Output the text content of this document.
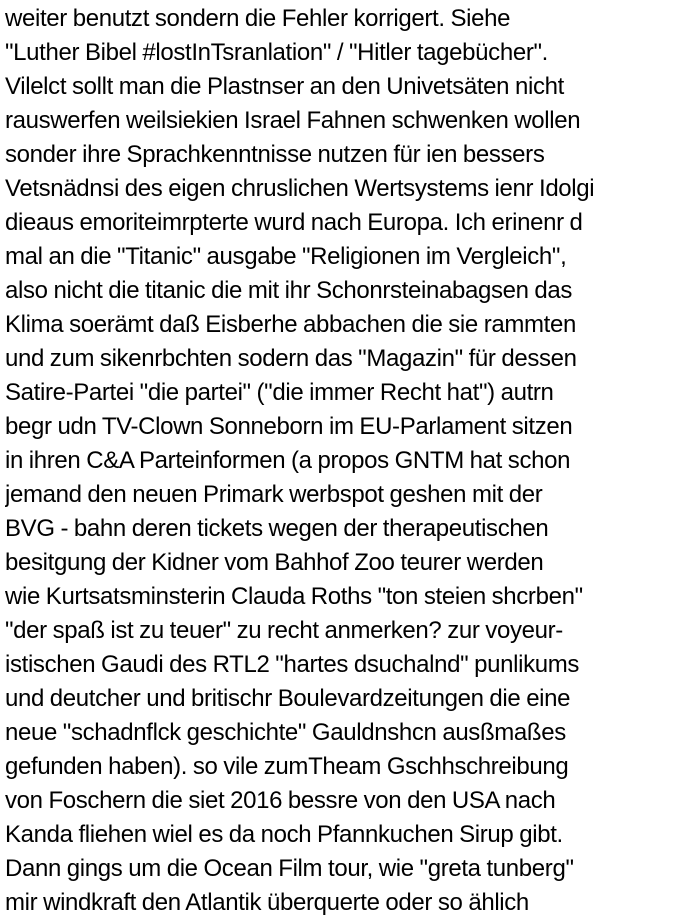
weiter benutzt sondern die Fehler korrigert. Siehe
"Luther Bibel #lostInTsranlation" / "Hitler tagebücher".
Vilelct sollt man die Plastnser an den Univetsäten nicht
rauswerfen weilsiekien Israel Fahnen schwenken wollen
sonder ihre Sprachkenntnisse nutzen für ien bessers
Vetsnädnsi des eigen chruslichen Wertsystems ienr Idolgi
dieaus emoriteimrpterte wurd nach Europa. Ich erinenr d
mal an die "Titanic" ausgabe "Religionen im Vergleich",
also nicht die titanic die mit ihr Schonrsteinabagsen das
Klima soerämt daß Eisberhe abbachen die sie rammten
und zum sikenrbchten sodern das "Magazin" für dessen
Satire-Partei "die partei" ("die immer Recht hat") autrn
begr udn TV-Clown Sonneborn im EU-Parlament sitzen
in ihren C&A Parteinformen (a propos GNTM hat schon
jemand den neuen Primark werbspot geshen mit der
BVG - bahn deren tickets wegen der therapeutischen
besitgung der Kidner vom Bahhof Zoo teurer werden
wie Kurtsatsminsterin Clauda Roths "ton steien shcrben"
"der spaß ist zu teuer" zu recht anmerken? zur voyeur-
istischen Gaudi des RTL2 "hartes dsuchalnd" punlikums
und deutcher und britischr Boulevardzeitungen die eine
neue "schadnflck geschichte" Gauldnshcn ausßmaßes
gefunden haben). so vile zumTheam Gschhschreibung
von Foschern die siet 2016 bessre von den USA nach
Kanda fliehen wiel es da noch Pfannkuchen Sirup gibt.
Dann gings um die Ocean Film tour, wie "greta tunberg"
mir windkraft den Atlantik überquerte oder so ählich
